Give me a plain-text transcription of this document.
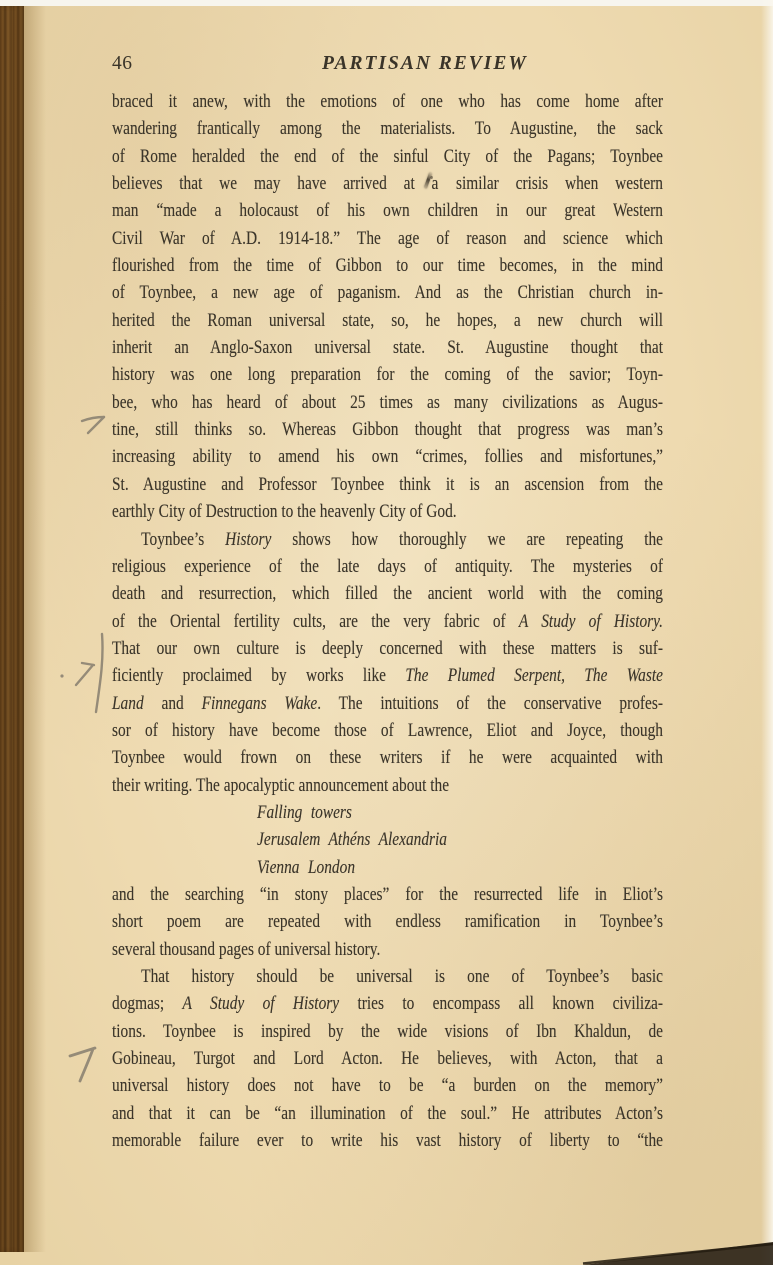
46	PARTISAN REVIEW
braced it anew, with the emotions of one who has come home after
wandering frantically among the materialists. To Augustine, the sack
of Rome heralded the end of the sinful City of the Pagans; Toynbee
believes that we may have arrived at a similar crisis when western
man “made a holocaust of his own children in our great Western
Civil War of A.D. 1914-18.” The age of reason and science which
flourished from the time of Gibbon to our time becomes, in the mind
of Toynbee, a new age of paganism. And as the Christian church in-
herited the Roman universal state, so, he hopes, a new church will
inherit an Anglo-Saxon universal state. St. Augustine thought that
history was one long preparation for the coming of the savior; Toyn-
bee, who has heard of about 25 times as many civilizations as Augus-
tine, still thinks so. Whereas Gibbon thought that progress was man’s
increasing ability to amend his own “crimes, follies and misfortunes,”
St. Augustine and Professor Toynbee think it is an ascension from the
earthly City of Destruction to the heavenly City of God.
Toynbee’s History shows how thoroughly we are repeating the
religious experience of the late days of antiquity. The mysteries of
death and resurrection, which filled the ancient world with the coming
of the Oriental fertility cults, are the very fabric of A Study of History.
That our own culture is deeply concerned with these matters is suf-
ficiently proclaimed by works like The Plumed Serpent, The Waste
Land and Finnegans Wake. The intuitions of the conservative profes-
sor of history have become those of Lawrence, Eliot and Joyce, though
Toynbee would frown on these writers if he were acquainted with
their writing. The apocalyptic announcement about the
Falling towers
Jerusalem Athéns Alexandria
Vienna London
and the searching “in stony places” for the resurrected life in Eliot’s
short poem are repeated with endless ramification in Toynbee’s
several thousand pages of universal history.
That history should be universal is one of Toynbee’s basic
dogmas; A Study of History tries to encompass all known civiliza-
tions. Toynbee is inspired by the wide visions of Ibn Khaldun, de
Gobineau, Turgot and Lord Acton. He believes, with Acton, that a
universal history does not have to be “a burden on the memory”
and that it can be “an illumination of the soul.” He attributes Acton’s
memorable failure ever to write his vast history of liberty to “the
